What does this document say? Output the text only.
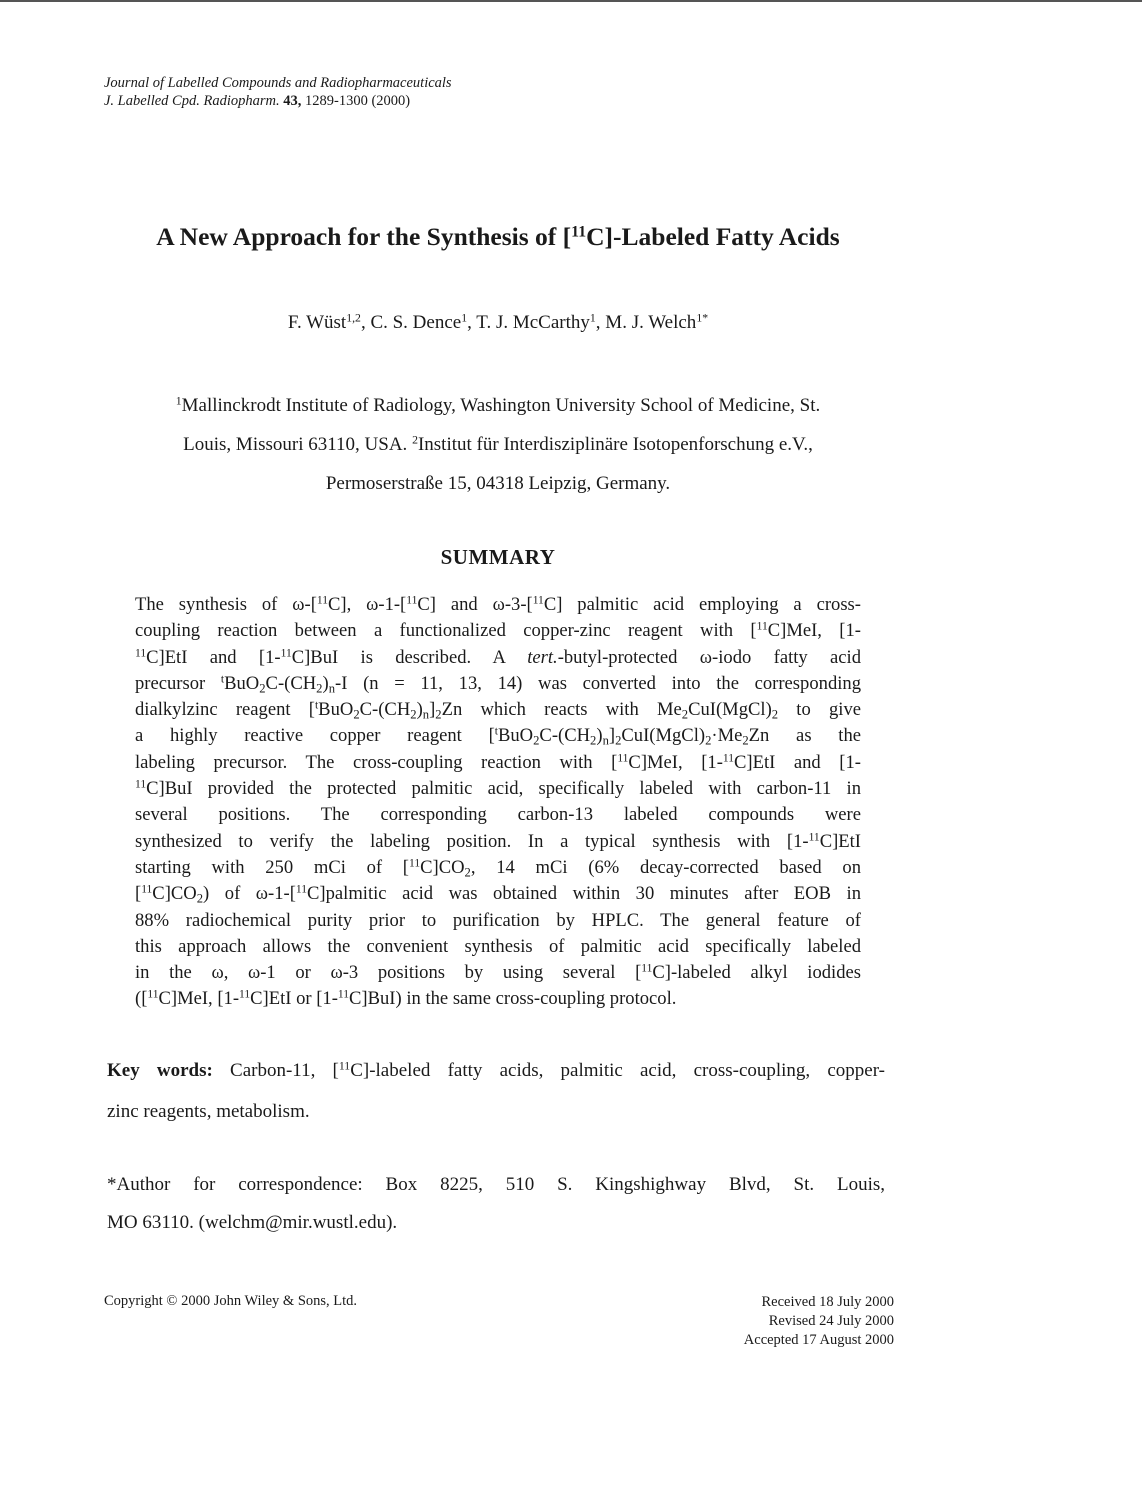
Journal of Labelled Compounds and Radiopharmaceuticals
J. Labelled Cpd. Radiopharm. 43, 1289-1300 (2000)
A New Approach for the Synthesis of [$^{11}$C]-Labeled Fatty Acids
F. Wüst$^{1,2}$, C. S. Dence$^1$, T. J. McCarthy$^1$, M. J. Welch$^{1*}$
$^1$Mallinckrodt Institute of Radiology, Washington University School of Medicine, St.
Louis, Missouri 63110, USA. $^2$Institut für Interdisziplinäre Isotopenforschung e.V.,
Permoserstraße 15, 04318 Leipzig, Germany.
SUMMARY
The synthesis of ω-[$^{11}$C], ω-1-[$^{11}$C] and ω-3-[$^{11}$C] palmitic acid employing a cross-
coupling reaction between a functionalized copper-zinc reagent with [$^{11}$C]MeI, [1-
$^{11}$C]EtI and [1-$^{11}$C]BuI is described. A tert.-butyl-protected ω-iodo fatty acid
precursor $^tBuO_2C-(CH_2)_n-I$ (n = 11, 13, 14) was converted into the corresponding
dialkylzinc reagent $[^tBuO_2C-(CH_2)_n]_2Zn$ which reacts with $Me_2CuI(MgCl)_2$ to give
a highly reactive copper reagent $[^tBuO_2C-(CH_2)_n]_2CuI(MgCl)_2\cdot Me_2Zn$ as the
labeling precursor. The cross-coupling reaction with [$^{11}$C]MeI, [1-$^{11}$C]EtI and [1-
$^{11}$C]BuI provided the protected palmitic acid, specifically labeled with carbon-11 in
several positions. The corresponding carbon-13 labeled compounds were
synthesized to verify the labeling position. In a typical synthesis with [1-$^{11}$C]EtI
starting with 250 mCi of $[^{11}C]CO_2$, 14 mCi (6% decay-corrected based on
$[^{11}C]CO_2$) of ω-1-[$^{11}$C]palmitic acid was obtained within 30 minutes after EOB in
88% radiochemical purity prior to purification by HPLC. The general feature of
this approach allows the convenient synthesis of palmitic acid specifically labeled
in the ω, ω-1 or ω-3 positions by using several [$^{11}$C]-labeled alkyl iodides
([$^{11}$C]MeI, [1-$^{11}$C]EtI or [1-$^{11}$C]BuI) in the same cross-coupling protocol.
Key words: Carbon-11, [$^{11}$C]-labeled fatty acids, palmitic acid, cross-coupling, copper-
zinc reagents, metabolism.
*Author for correspondence: Box 8225, 510 S. Kingshighway Blvd, St. Louis,
MO 63110. (welchm@mir.wustl.edu).
Copyright © 2000 John Wiley & Sons, Ltd.	Received 18 July 2000
Revised 24 July 2000
Accepted 17 August 2000
